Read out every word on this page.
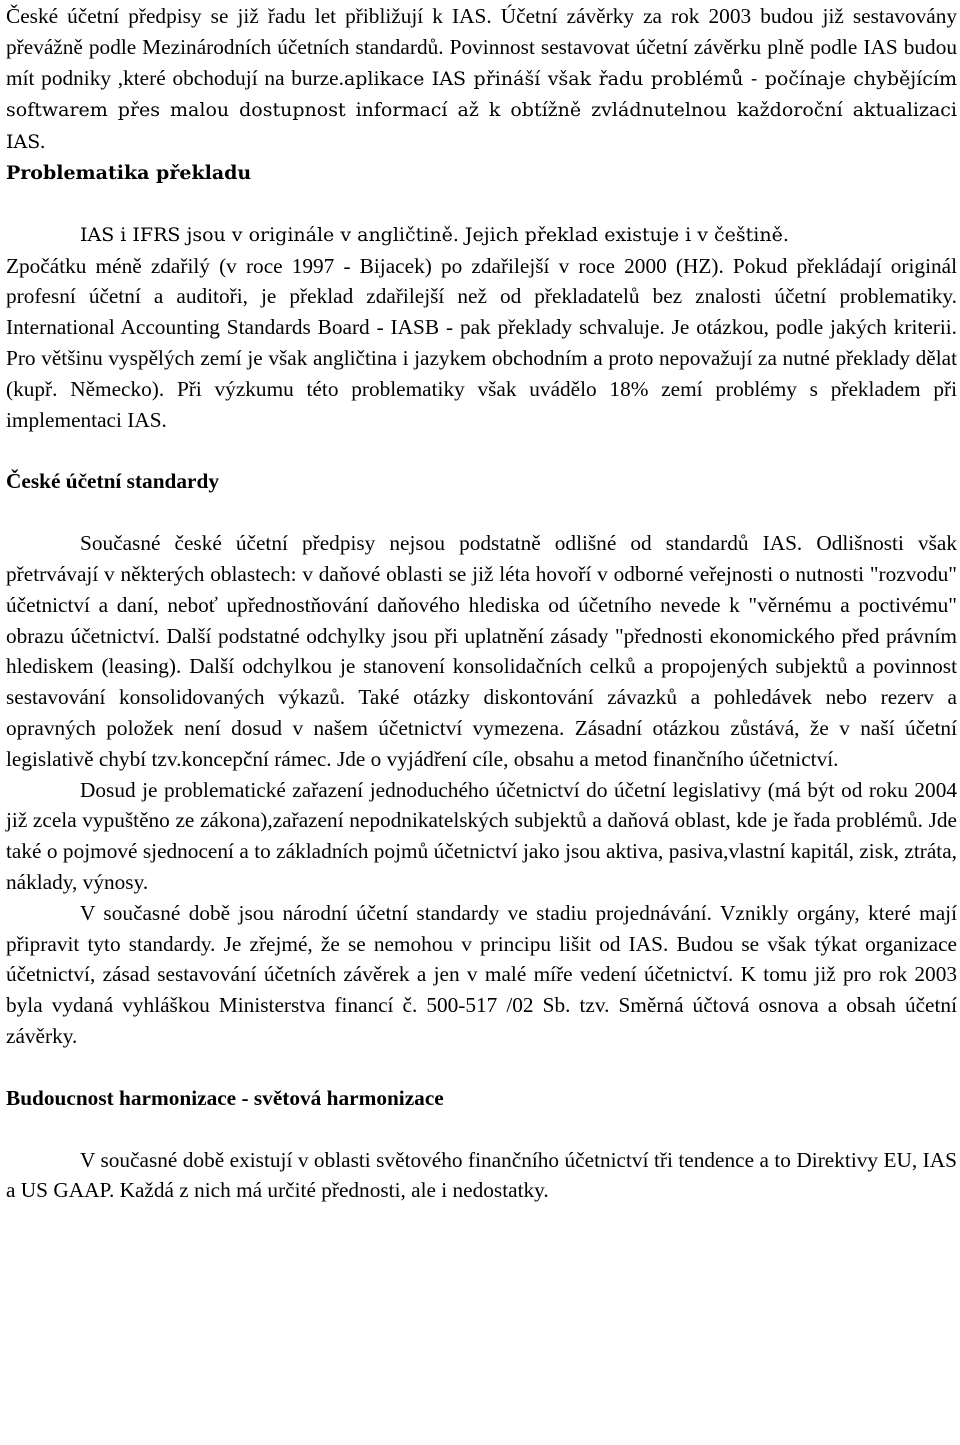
České účetní předpisy se již řadu let přibližují k IAS. Účetní závěrky za rok 2003 budou již sestavovány převážně podle Mezinárodních účetních standardů. Povinnost sestavovat účetní závěrku plně podle IAS budou mít podniky ,které obchodují na burze.aplikace IAS přináší však řadu problémů - počínaje chybějícím softwarem přes malou dostupnost informací až k obtížně zvládnutelnou každoroční aktualizaci IAS.

Problematika překladu

IAS i IFRS jsou v originále v angličtině. Jejich překlad existuje i v češtině.

Zpočátku méně zdařilý (v roce 1997 - Bijacek) po zdařilejší v roce 2000 (HZ). Pokud překládají originál profesní účetní a auditoři, je překlad zdařilejší než od překladatelů bez znalosti účetní problematiky. International Accounting Standards Board - IASB - pak překlady schvaluje. Je otázkou, podle jakých kriterii. Pro většinu vyspělých zemí je však angličtina i jazykem obchodním a proto nepovažují za nutné překlady dělat (kupř. Německo). Při výzkumu této problematiky však uvádělo 18% zemí problémy s překladem při implementaci IAS.

České účetní standardy

Současné české účetní předpisy nejsou podstatně odlišné od standardů IAS. Odlišnosti však přetrvávají v některých oblastech: v daňové oblasti se již léta hovoří v odborné veřejnosti o nutnosti "rozvodu" účetnictví a daní, neboť upřednostňování daňového hlediska od účetního nevede k "věrnému a poctivému" obrazu účetnictví. Další podstatné odchylky jsou při uplatnění zásady "přednosti ekonomického před právním hlediskem (leasing). Další odchylkou je stanovení konsolidačních celků a propojených subjektů a povinnost sestavování konsolidovaných výkazů. Také otázky diskontování závazků a pohledávek nebo rezerv a opravných položek není dosud v našem účetnictví vymezena. Zásadní otázkou zůstává, že v naší účetní legislativě chybí tzv.koncepční rámec. Jde o vyjádření cíle, obsahu a metod finančního účetnictví.

Dosud je problematické zařazení jednoduchého účetnictví do účetní legislativy (má být od roku 2004 již zcela vypuštěno ze zákona),zařazení nepodnikatelských subjektů a daňová oblast, kde je řada problémů. Jde také o pojmové sjednocení a to základních pojmů účetnictví jako jsou aktiva, pasiva,vlastní kapitál, zisk, ztráta, náklady, výnosy.

V současné době jsou národní účetní standardy ve stadiu projednávání. Vznikly orgány, které mají připravit tyto standardy. Je zřejmé, že se nemohou v principu lišit od IAS. Budou se však týkat organizace účetnictví, zásad sestavování účetních závěrek a jen v malé míře vedení účetnictví. K tomu již pro rok 2003 byla vydaná vyhláškou Ministerstva financí č. 500-517 /02 Sb. tzv. Směrná účtová osnova a obsah účetní závěrky.

Budoucnost harmonizace - světová harmonizace

V současné době existují v oblasti světového finančního účetnictví tři tendence a to Direktivy EU, IAS a US GAAP. Každá z nich má určité přednosti, ale i nedostatky.
